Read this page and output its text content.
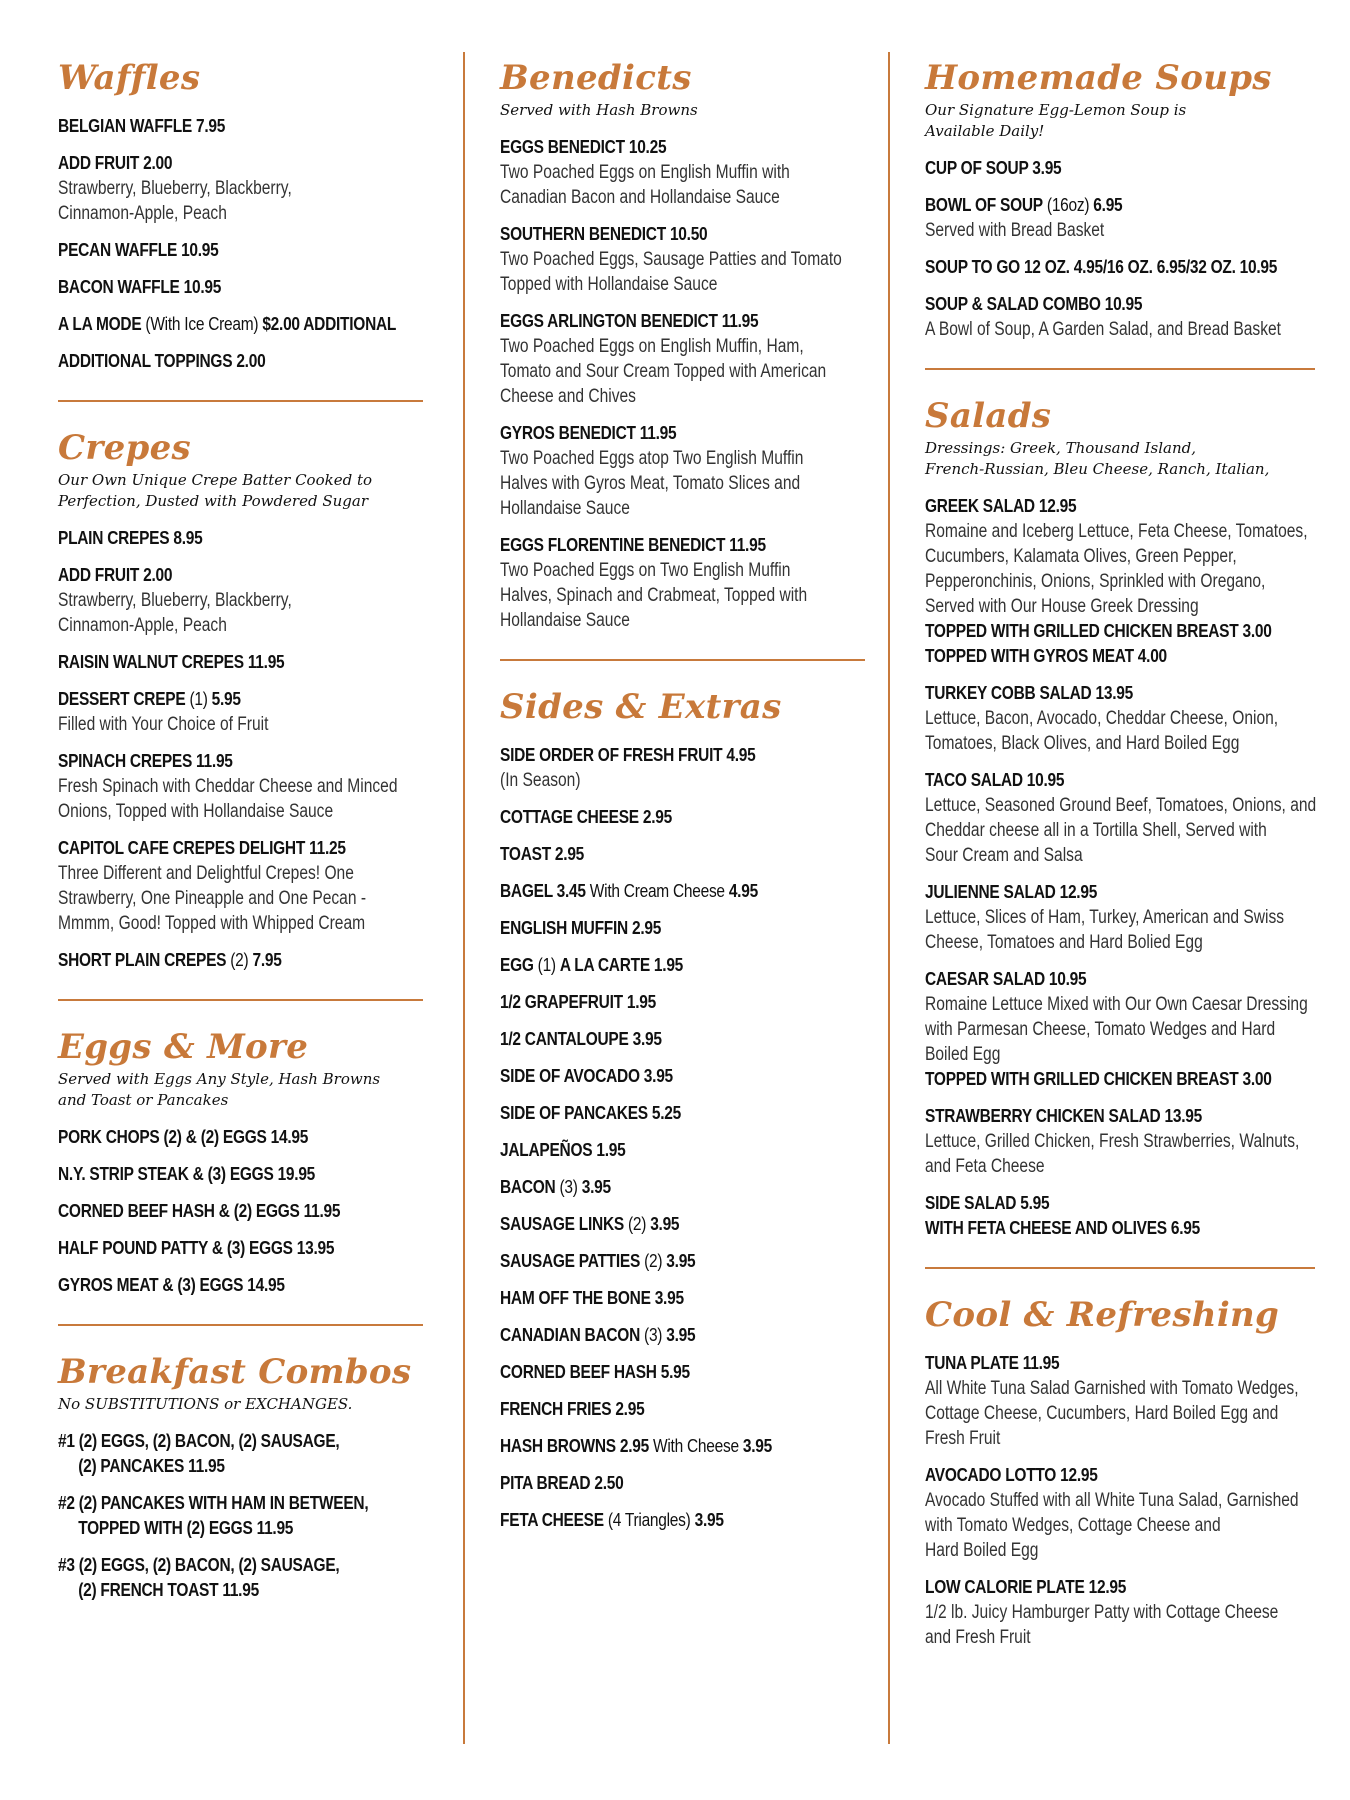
Waffles
BELGIAN WAFFLE 7.95
ADD FRUIT 2.00
Strawberry, Blueberry, Blackberry,
Cinnamon-Apple, Peach
PECAN WAFFLE 10.95
BACON WAFFLE 10.95
A LA MODE (With Ice Cream) $2.00 ADDITIONAL
ADDITIONAL TOPPINGS 2.00
Crepes
Our Own Unique Crepe Batter Cooked to
Perfection, Dusted with Powdered Sugar
PLAIN CREPES 8.95
ADD FRUIT 2.00
Strawberry, Blueberry, Blackberry,
Cinnamon-Apple, Peach
RAISIN WALNUT CREPES 11.95
DESSERT CREPE (1) 5.95
Filled with Your Choice of Fruit
SPINACH CREPES 11.95
Fresh Spinach with Cheddar Cheese and Minced
Onions, Topped with Hollandaise Sauce
CAPITOL CAFE CREPES DELIGHT 11.25
Three Different and Delightful Crepes! One
Strawberry, One Pineapple and One Pecan -
Mmmm, Good! Topped with Whipped Cream
SHORT PLAIN CREPES (2) 7.95
Eggs & More
Served with Eggs Any Style, Hash Browns
and Toast or Pancakes
PORK CHOPS (2) & (2) EGGS 14.95
N.Y. STRIP STEAK & (3) EGGS 19.95
CORNED BEEF HASH & (2) EGGS 11.95
HALF POUND PATTY & (3) EGGS 13.95
GYROS MEAT & (3) EGGS 14.95
Breakfast Combos
No SUBSTITUTIONS or EXCHANGES.
#1 (2) EGGS, (2) BACON, (2) SAUSAGE,
(2) PANCAKES 11.95
#2 (2) PANCAKES WITH HAM IN BETWEEN,
TOPPED WITH (2) EGGS 11.95
#3 (2) EGGS, (2) BACON, (2) SAUSAGE,
(2) FRENCH TOAST 11.95
Benedicts
Served with Hash Browns
EGGS BENEDICT 10.25
Two Poached Eggs on English Muffin with
Canadian Bacon and Hollandaise Sauce
SOUTHERN BENEDICT 10.50
Two Poached Eggs, Sausage Patties and Tomato
Topped with Hollandaise Sauce
EGGS ARLINGTON BENEDICT 11.95
Two Poached Eggs on English Muffin, Ham,
Tomato and Sour Cream Topped with American
Cheese and Chives
GYROS BENEDICT 11.95
Two Poached Eggs atop Two English Muffin
Halves with Gyros Meat, Tomato Slices and
Hollandaise Sauce
EGGS FLORENTINE BENEDICT 11.95
Two Poached Eggs on Two English Muffin
Halves, Spinach and Crabmeat, Topped with
Hollandaise Sauce
Sides & Extras
SIDE ORDER OF FRESH FRUIT 4.95
(In Season)
COTTAGE CHEESE 2.95
TOAST 2.95
BAGEL 3.45 With Cream Cheese 4.95
ENGLISH MUFFIN 2.95
EGG (1) A LA CARTE 1.95
1/2 GRAPEFRUIT 1.95
1/2 CANTALOUPE 3.95
SIDE OF AVOCADO 3.95
SIDE OF PANCAKES 5.25
JALAPEÑOS 1.95
BACON (3) 3.95
SAUSAGE LINKS (2) 3.95
SAUSAGE PATTIES (2) 3.95
HAM OFF THE BONE 3.95
CANADIAN BACON (3) 3.95
CORNED BEEF HASH 5.95
FRENCH FRIES 2.95
HASH BROWNS 2.95 With Cheese 3.95
PITA BREAD 2.50
FETA CHEESE (4 Triangles) 3.95
Homemade Soups
Our Signature Egg-Lemon Soup is
Available Daily!
CUP OF SOUP 3.95
BOWL OF SOUP (16oz) 6.95
Served with Bread Basket
SOUP TO GO 12 OZ. 4.95/16 OZ. 6.95/32 OZ. 10.95
SOUP & SALAD COMBO 10.95
A Bowl of Soup, A Garden Salad, and Bread Basket
Salads
Dressings: Greek, Thousand Island,
French-Russian, Bleu Cheese, Ranch, Italian,
GREEK SALAD 12.95
Romaine and Iceberg Lettuce, Feta Cheese, Tomatoes,
Cucumbers, Kalamata Olives, Green Pepper,
Pepperonchinis, Onions, Sprinkled with Oregano,
Served with Our House Greek Dressing
TOPPED WITH GRILLED CHICKEN BREAST 3.00
TOPPED WITH GYROS MEAT 4.00
TURKEY COBB SALAD 13.95
Lettuce, Bacon, Avocado, Cheddar Cheese, Onion,
Tomatoes, Black Olives, and Hard Boiled Egg
TACO SALAD 10.95
Lettuce, Seasoned Ground Beef, Tomatoes, Onions, and
Cheddar cheese all in a Tortilla Shell, Served with
Sour Cream and Salsa
JULIENNE SALAD 12.95
Lettuce, Slices of Ham, Turkey, American and Swiss
Cheese, Tomatoes and Hard Bolied Egg
CAESAR SALAD 10.95
Romaine Lettuce Mixed with Our Own Caesar Dressing
with Parmesan Cheese, Tomato Wedges and Hard
Boiled Egg
TOPPED WITH GRILLED CHICKEN BREAST 3.00
STRAWBERRY CHICKEN SALAD 13.95
Lettuce, Grilled Chicken, Fresh Strawberries, Walnuts,
and Feta Cheese
SIDE SALAD 5.95
WITH FETA CHEESE AND OLIVES 6.95
Cool & Refreshing
TUNA PLATE 11.95
All White Tuna Salad Garnished with Tomato Wedges,
Cottage Cheese, Cucumbers, Hard Boiled Egg and
Fresh Fruit
AVOCADO LOTTO 12.95
Avocado Stuffed with all White Tuna Salad, Garnished
with Tomato Wedges, Cottage Cheese and
Hard Boiled Egg
LOW CALORIE PLATE 12.95
1/2 lb. Juicy Hamburger Patty with Cottage Cheese
and Fresh Fruit
